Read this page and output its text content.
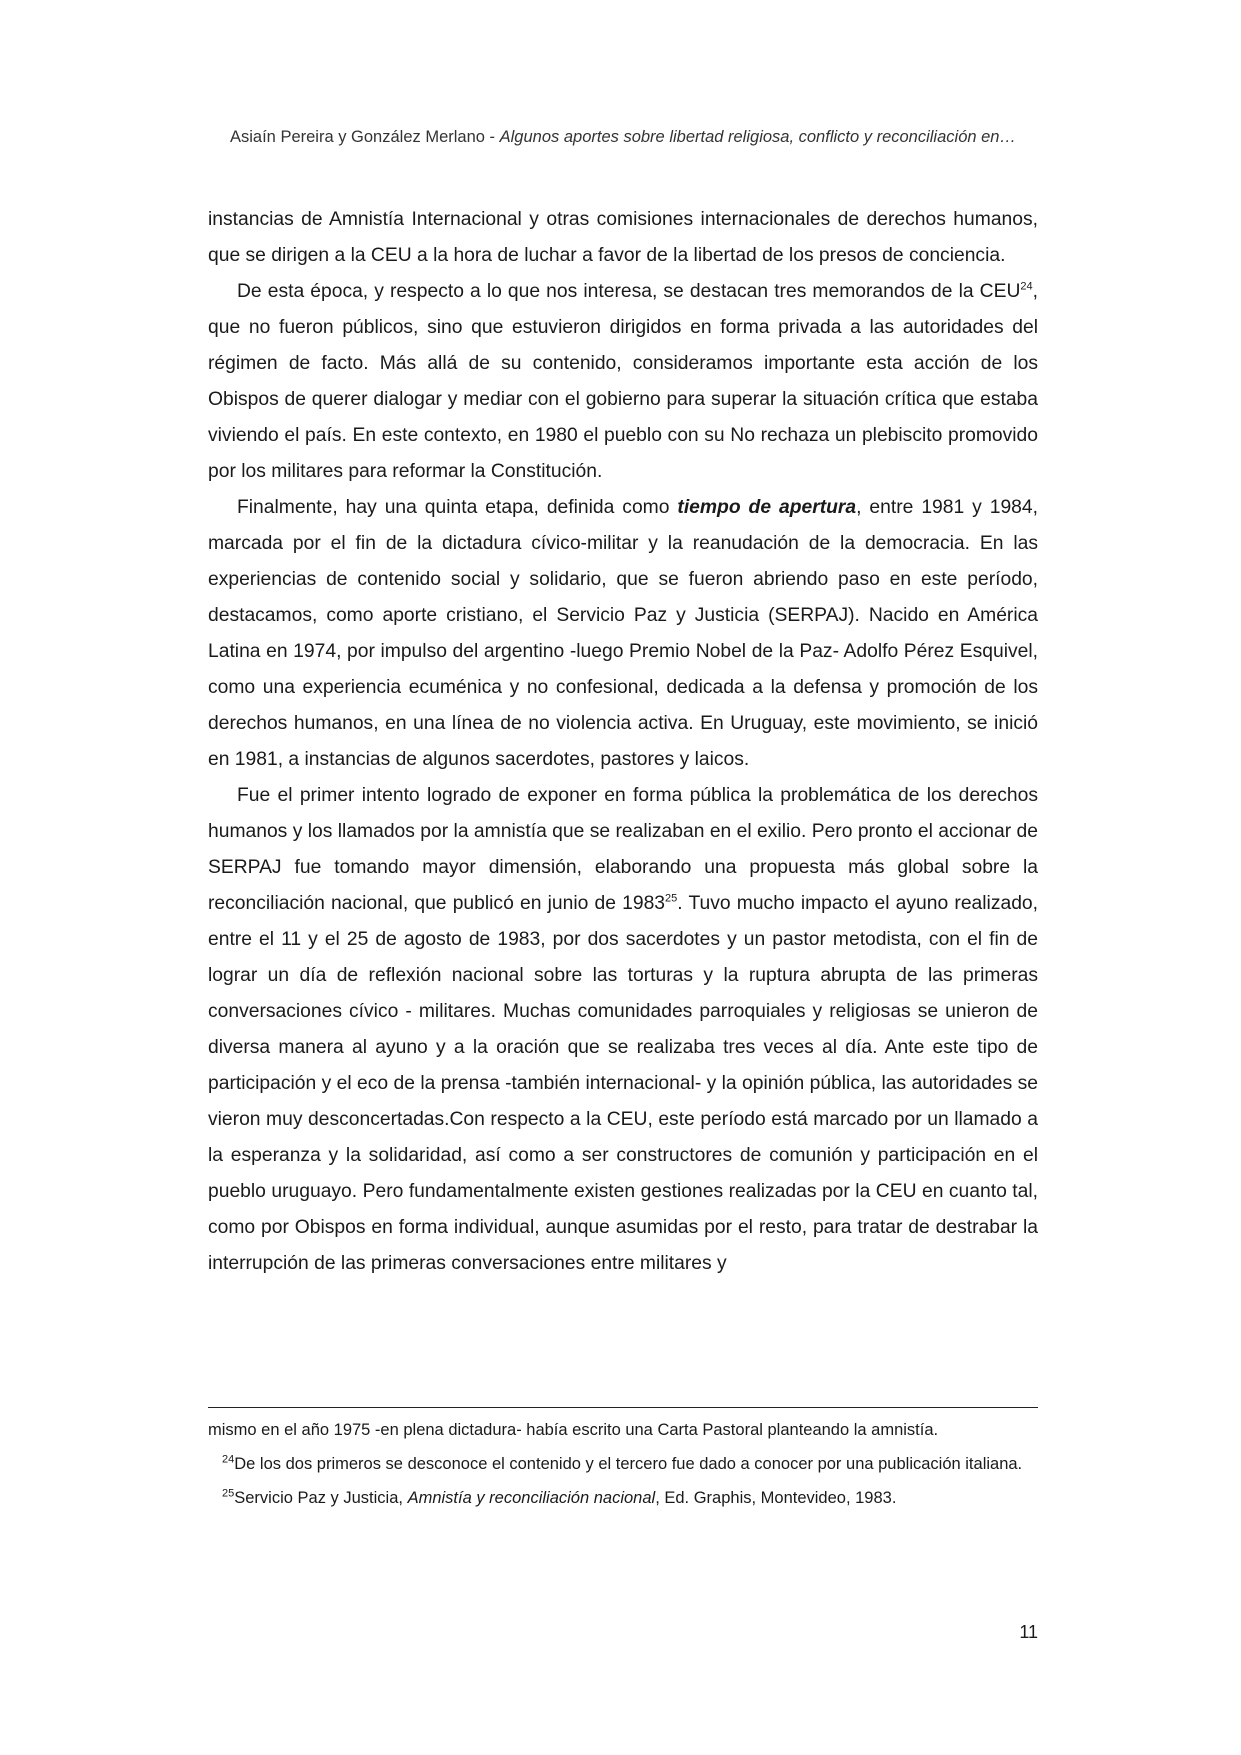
Asiaín Pereira y González Merlano - Algunos aportes sobre libertad religiosa, conflicto y reconciliación en…

instancias de Amnistía Internacional y otras comisiones internacionales de derechos humanos, que se dirigen a la CEU a la hora de luchar a favor de la libertad de los presos de conciencia.

De esta época, y respecto a lo que nos interesa, se destacan tres memorandos de la CEU$^{24}$, que no fueron públicos, sino que estuvieron dirigidos en forma privada a las autoridades del régimen de facto. Más allá de su contenido, consideramos importante esta acción de los Obispos de querer dialogar y mediar con el gobierno para superar la situación crítica que estaba viviendo el país. En este contexto, en 1980 el pueblo con su No rechaza un plebiscito promovido por los militares para reformar la Constitución.

Finalmente, hay una quinta etapa, definida como tiempo de apertura, entre 1981 y 1984, marcada por el fin de la dictadura cívico-militar y la reanudación de la democracia. En las experiencias de contenido social y solidario, que se fueron abriendo paso en este período, destacamos, como aporte cristiano, el Servicio Paz y Justicia (SERPAJ). Nacido en América Latina en 1974, por impulso del argentino -luego Premio Nobel de la Paz- Adolfo Pérez Esquivel, como una experiencia ecuménica y no confesional, dedicada a la defensa y promoción de los derechos humanos, en una línea de no violencia activa. En Uruguay, este movimiento, se inició en 1981, a instancias de algunos sacerdotes, pastores y laicos.

Fue el primer intento logrado de exponer en forma pública la problemática de los derechos humanos y los llamados por la amnistía que se realizaban en el exilio. Pero pronto el accionar de SERPAJ fue tomando mayor dimensión, elaborando una propuesta más global sobre la reconciliación nacional, que publicó en junio de 1983$^{25}$. Tuvo mucho impacto el ayuno realizado, entre el 11 y el 25 de agosto de 1983, por dos sacerdotes y un pastor metodista, con el fin de lograr un día de reflexión nacional sobre las torturas y la ruptura abrupta de las primeras conversaciones cívico - militares. Muchas comunidades parroquiales y religiosas se unieron de diversa manera al ayuno y a la oración que se realizaba tres veces al día. Ante este tipo de participación y el eco de la prensa -también internacional- y la opinión pública, las autoridades se vieron muy desconcertadas.Con respecto a la CEU, este período está marcado por un llamado a la esperanza y la solidaridad, así como a ser constructores de comunión y participación en el pueblo uruguayo. Pero fundamentalmente existen gestiones realizadas por la CEU en cuanto tal, como por Obispos en forma individual, aunque asumidas por el resto, para tratar de destrabar la interrupción de las primeras conversaciones entre militares y

mismo en el año 1975 -en plena dictadura- había escrito una Carta Pastoral planteando la amnistía.

$^{24}$De los dos primeros se desconoce el contenido y el tercero fue dado a conocer por una publicación italiana.

$^{25}$Servicio Paz y Justicia, Amnistía y reconciliación nacional, Ed. Graphis, Montevideo, 1983.

11
